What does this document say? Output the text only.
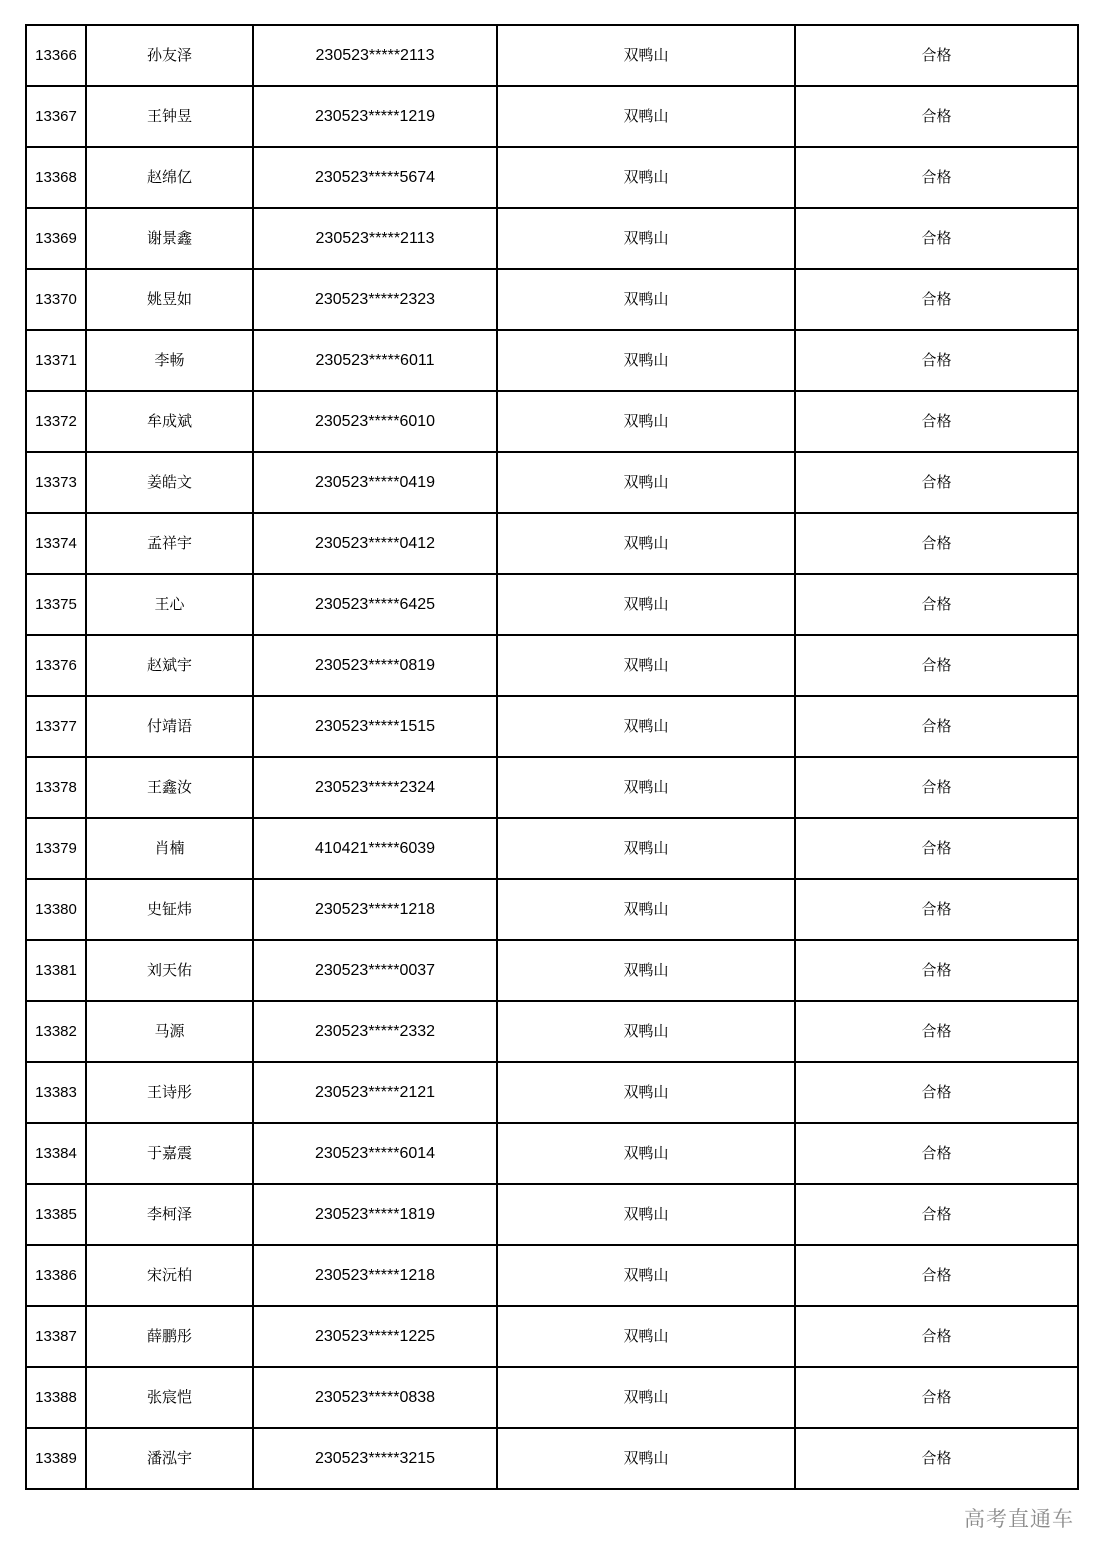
13366	孙友泽	230523*****2113	双鸭山	合格
13367	王钟昱	230523*****1219	双鸭山	合格
13368	赵绵亿	230523*****5674	双鸭山	合格
13369	谢景鑫	230523*****2113	双鸭山	合格
13370	姚昱如	230523*****2323	双鸭山	合格
13371	李畅	230523*****6011	双鸭山	合格
13372	牟成斌	230523*****6010	双鸭山	合格
13373	姜皓文	230523*****0419	双鸭山	合格
13374	孟祥宇	230523*****0412	双鸭山	合格
13375	王心	230523*****6425	双鸭山	合格
13376	赵斌宇	230523*****0819	双鸭山	合格
13377	付靖语	230523*****1515	双鸭山	合格
13378	王鑫汝	230523*****2324	双鸭山	合格
13379	肖楠	410421*****6039	双鸭山	合格
13380	史钲炜	230523*****1218	双鸭山	合格
13381	刘天佑	230523*****0037	双鸭山	合格
13382	马源	230523*****2332	双鸭山	合格
13383	王诗彤	230523*****2121	双鸭山	合格
13384	于嘉震	230523*****6014	双鸭山	合格
13385	李柯泽	230523*****1819	双鸭山	合格
13386	宋沅柏	230523*****1218	双鸭山	合格
13387	薛鹏彤	230523*****1225	双鸭山	合格
13388	张宸恺	230523*****0838	双鸭山	合格
13389	潘泓宇	230523*****3215	双鸭山	合格
高考直通车
